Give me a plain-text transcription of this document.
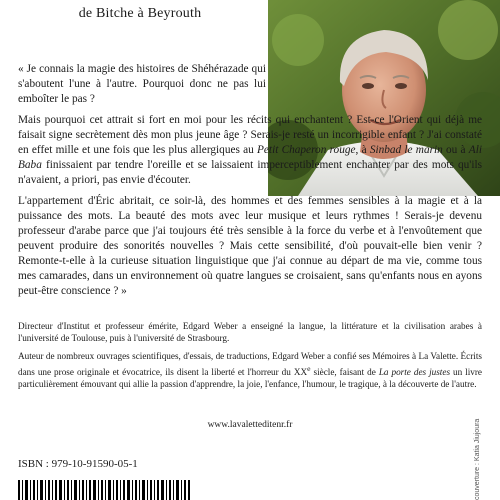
de Bitche à Beyrouth

« Je connais la magie des histoires de Shéhérazade qui s'aboutent l'une à l'autre. Pourquoi donc ne pas lui emboîter le pas ?

Mais pourquoi cet attrait si fort en moi pour les récits qui enchantent ? Est-ce l'Orient qui déjà me faisait signe secrètement dès mon plus jeune âge ? Serais-je resté un incorrigible enfant ? J'ai constaté en effet mille et une fois que les plus allergiques au Petit Chaperon rouge, à Sinbad le marin ou à Ali Baba finissaient par tendre l'oreille et se laissaient imperceptiblement enchanter par des mots qu'ils n'avaient, a priori, pas envie d'écouter.

L'appartement d'Éric abritait, ce soir-là, des hommes et des femmes sensibles à la magie et à la puissance des mots. La beauté des mots avec leur musique et leurs rythmes ! Serais-je devenu professeur d'arabe parce que j'ai toujours été très sensible à la force du verbe et à l'envoûtement que peuvent produire des sonorités nouvelles ? Mais cette sensibilité, d'où pouvait-elle bien venir ? Remonte-t-elle à la curieuse situation linguistique que j'ai connue au départ de ma vie, comme tous mes camarades, dans un environnement où quatre langues se croisaient, sans qu'enfants nous en ayons peut-être conscience ? »

Directeur d'Institut et professeur émérite, Edgard Weber a enseigné la langue, la littérature et la civilisation arabes à l'université de Toulouse, puis à l'université de Strasbourg.

Auteur de nombreux ouvrages scientifiques, d'essais, de traductions, Edgard Weber a confié ses Mémoires à La Valette. Écrits dans une prose originale et évocatrice, ils disent la liberté et l'horreur du XXe siècle, faisant de La porte des justes un livre particulièrement émouvant qui allie la passion d'apprendre, la joie, l'enfance, l'humour, le tragique, à la découverte de l'autre.

www.lavaletteditenr.fr
ISBN : 979-10-91590-05-1	couverture : Katia Jiujoura
